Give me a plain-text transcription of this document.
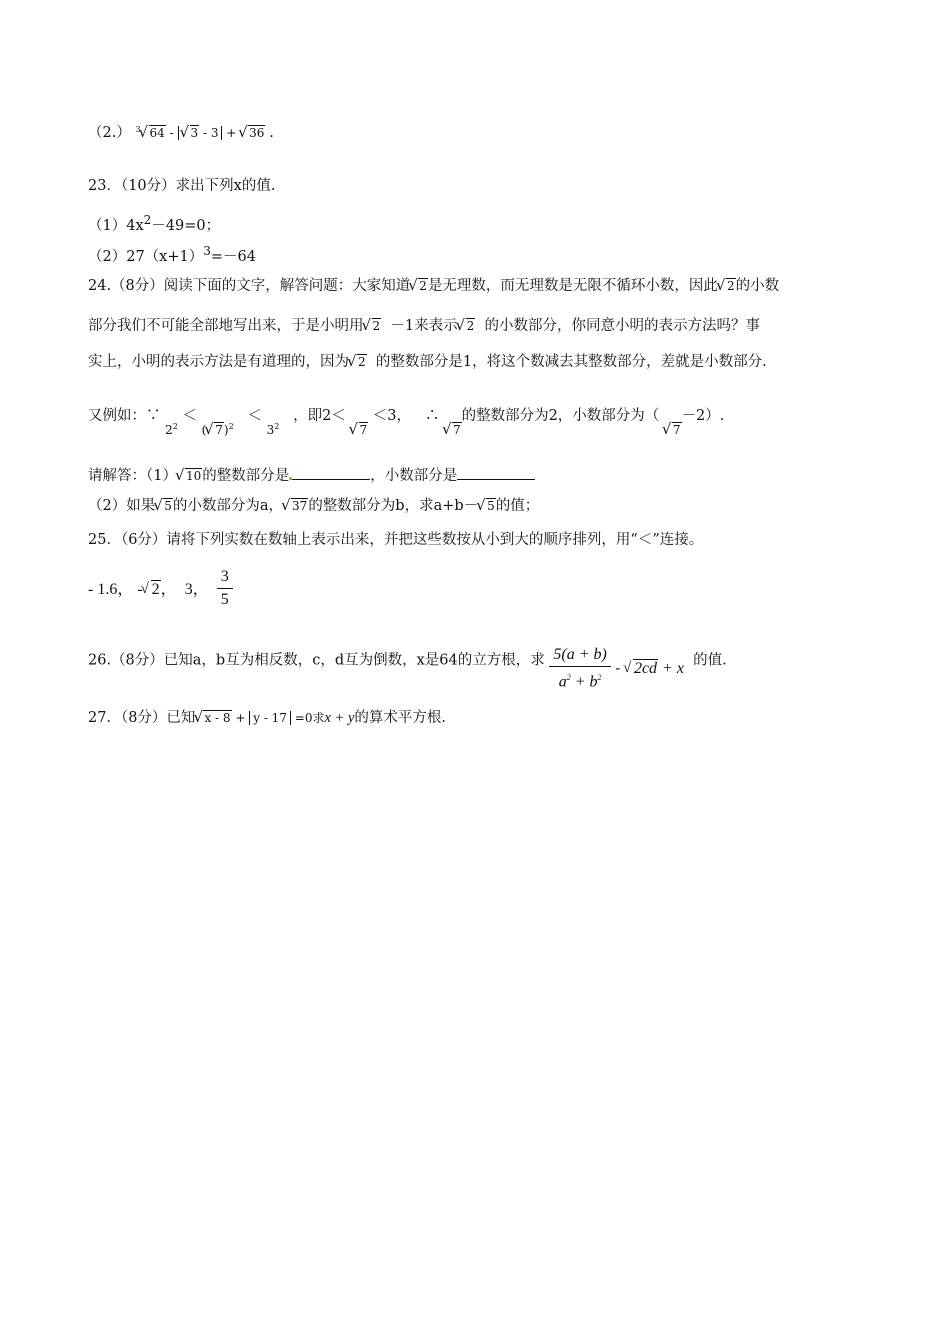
（2.） $^3$ √ 64 - √ 3 - 3 + √ 36 .
23．（10分）求出下列x的值.
$(1)4x^2-49=0$；
$(2)27(x+1)^3=-64$
24.（8分）阅读下面的文字，解答问题：大家知道 √ 2是无理数，而无理数是无限不循环小数，因此 √ 2的小数
部分我们不可能全部地写出来，于是小明用 √ 2 －1来表示 √ 2 的小数部分，你同意小明的表示方法吗？事
实上，小明的表示方法是有道理的，因为 √ 2 的整数部分是1，将这个数减去其整数部分，差就是小数部分.
又例如：∵ $_{2^2}$ ＜ $_{( √ 7)^2}$   ＜ $_{3^2}$   ，即2＜ √ 7 ＜3， ∴ √ 7的整数部分为2，小数部分为（ √ 7－2）.
请解答：（1） √ 10的整数部分是	，小数部分是
（2）如果 √ 5的小数部分为a， √ 37的整数部分为b，求a+b－ √ 5的值；
25．（6分）请将下列实数在数轴上表示出来，并把这些数按从小到大的顺序排列，用“＜”连接。
- 1.6， - √ 2， 3， $\frac{3}{5}$
26.（8分）已知a，b互为相反数，c，d互为倒数，x是64的立方根，求 $\frac{5(a + b)}{a^2 + b^2}$ - √ 2cd + x 的值.
27．（8分）已知 √ x - 8 + y - 17 =0求x + y的算术平方根.
